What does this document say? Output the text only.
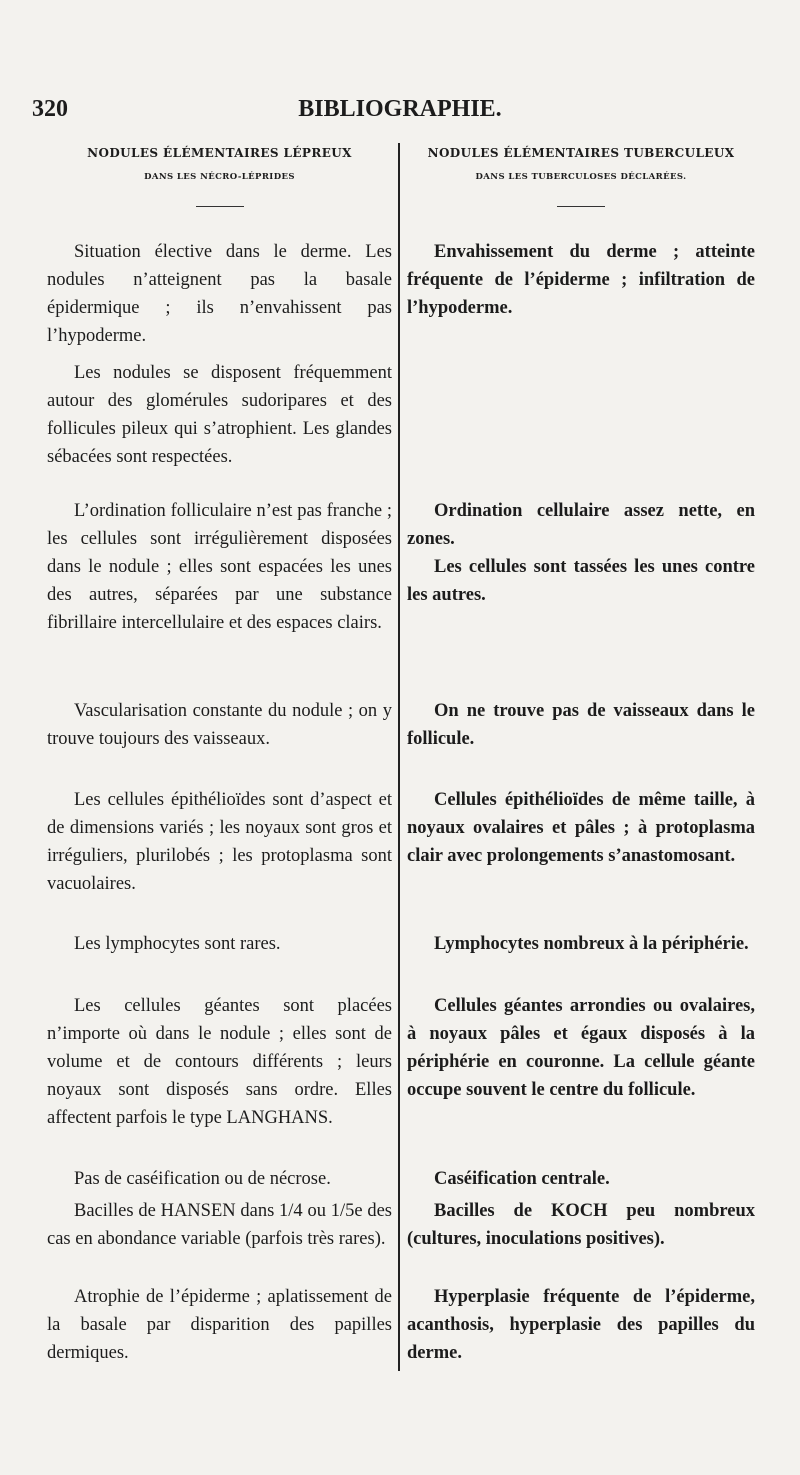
320	BIBLIOGRAPHIE.
NODULES ÉLÉMENTAIRES LÉPREUX
DANS LES NÉCRO-LÉPRIDES

Situation élective dans le derme. Les nodules n’atteignent pas la basale épidermique ; ils n’envahissent pas l’hypoderme.

Les nodules se disposent fréquemment autour des glomérules sudoripares et des follicules pileux qui s’atrophient. Les glandes sébacées sont respectées.

L’ordination folliculaire n’est pas franche ; les cellules sont irrégulièrement disposées dans le nodule ; elles sont espacées les unes des autres, séparées par une substance fibrillaire intercellulaire et des espaces clairs.

Vascularisation constante du nodule ; on y trouve toujours des vaisseaux.

Les cellules épithélioïdes sont d’aspect et de dimensions variés ; les noyaux sont gros et irréguliers, plurilobés ; les protoplasma sont vacuolaires.

Les lymphocytes sont rares.

Les cellules géantes sont placées n’importe où dans le nodule ; elles sont de volume et de contours différents ; leurs noyaux sont disposés sans ordre. Elles affectent parfois le type LANGHANS.

Pas de caséification ou de nécrose.

Bacilles de HANSEN dans 1/4 ou 1/5e des cas en abondance variable (parfois très rares).

Atrophie de l’épiderme ; aplatissement de la basale par disparition des papilles dermiques.

NODULES ÉLÉMENTAIRES TUBERCULEUX
DANS LES TUBERCULOSES DÉCLARÉES.

Envahissement du derme ; atteinte fréquente de l’épiderme ; infiltration de l’hypoderme.

Ordination cellulaire assez nette, en zones.

Les cellules sont tassées les unes contre les autres.

On ne trouve pas de vaisseaux dans le follicule.

Cellules épithélioïdes de même taille, à noyaux ovalaires et pâles ; à protoplasma clair avec prolongements s’anastomosant.

Lymphocytes nombreux à la périphérie.

Cellules géantes arrondies ou ovalaires, à noyaux pâles et égaux disposés à la périphérie en couronne. La cellule géante occupe souvent le centre du follicule.

Caséification centrale.

Bacilles de KOCH peu nombreux (cultures, inoculations positives).

Hyperplasie fréquente de l’épiderme, acanthosis, hyperplasie des papilles du derme.
